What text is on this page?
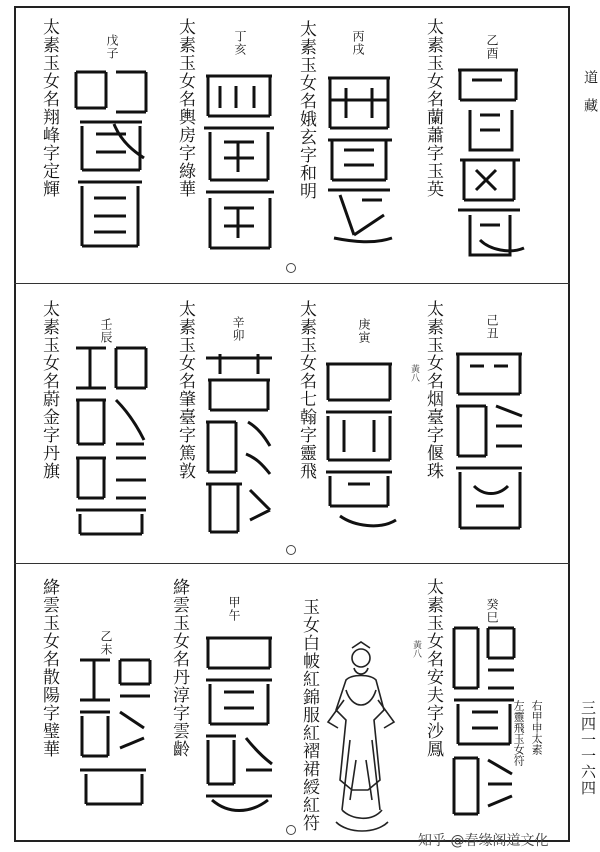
太素玉女名蘭蕭字玉英	乙酉
太素玉女名娥玄字和明	丙戌
太素玉女名輿房字綠華	丁亥
太素玉女名翔峰字定輝	戊子
太素玉女名烟臺字偃珠
黃八
己丑
太素玉女名七翰字靈飛	庚寅
太素玉女名肇臺字篤敦	辛卯
太素玉女名蔚金字丹旗	壬辰
太素玉女名安夫字沙鳳
黃八
癸巳
右甲申太素
左靈飛玉女符
玉女白帔紅錦服紅褶裙綬紅符
甲午
絳雲玉女名丹淳字雲齡
乙未
絳雲玉女名散陽字璧華
道藏
三四一一六四
知乎 @春缘阁道文化
